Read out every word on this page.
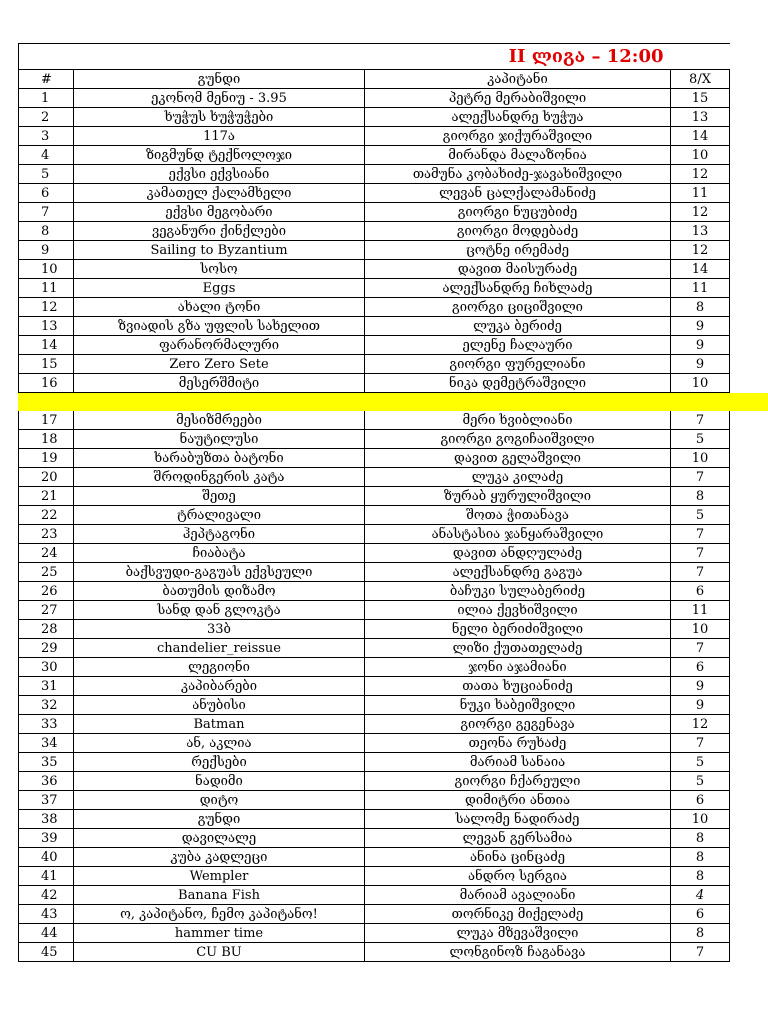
		II ლიგა – 12:00	
#	გუნდი	კაპიტანი	8/X
1	ეკონომ მენიუ - 3.95	პეტრე მერაბიშვილი	15
2	ხუჭუს ხუჭუჭები	ალექსანდრე ხუჭუა	13
3	117ა	გიორგი ჯიქურაშვილი	14
4	ზიგმუნდ ტექნოლოჯი	მირანდა მალაზონია	10
5	ექვსი ექვსიანი	თამუნა კობახიძე-ჯავახიშვილი	12
6	კამათელ ქალამხელი	ლევან ცალქალამანიძე	11
7	ექვსი მეგობარი	გიორგი ნუცუბიძე	12
8	ვეგანური ქინქლები	გიორგი მოდებაძე	13
9	Sailing to Byzantium	ცოტნე ირემაძე	12
10	სოსო	დავით მაისურაძე	14
11	Eggs	ალექსანდრე ჩიხლაძე	11
12	ახალი ტონი	გიორგი ციციშვილი	8
13	ზვიადის გზა უფლის სახელით	ლუკა ბერიძე	9
14	ფარანორმალური	ელენე ჩალაური	9
15	Zero Zero Sete	გიორგი ფურელიანი	9
16	მესერშმიტი	ნიკა დემეტრაშვილი	10

17	მესიზმრეები	მერი ხვიბლიანი	7
18	ნაუტილუსი	გიორგი გოგიჩაიშვილი	5
19	ხარაბუზთა ბატონი	დავით გელაშვილი	10
20	შროდინგერის კატა	ლუკა კილაძე	7
21	შეთე	ზურაბ ყურულიშვილი	8
22	ტრალივალი	შოთა ჭითანავა	5
23	ჰეპტაგონი	ანასტასია ჯანყარაშვილი	7
24	ჩიაბატა	დავით ანდღულაძე	7
25	ბაქსვუდი-გაგუას ექვსეული	ალექსანდრე გაგუა	7
26	ბათუმის დიზამო	ბაჩუკი სულაბერიძე	6
27	სანდ დან გლოკტა	ილია ქევხიშვილი	11
28	33ბ	ნელი ბერიძიშვილი	10
29	chandelier_reissue	ლიზი ქუთათელაძე	7
30	ლეგიონი	ჯონი აჯამიანი	6
31	კაპიბარები	თათა ხუციანიძე	9
32	ანუბისი	ნუკი ხაბეიშვილი	9
33	Batman	გიორგი გეგენავა	12
34	ან, აკლია	თეონა რუხაძე	7
35	რექსები	მარიამ სანაია	5
36	ნადიმი	გიორგი ჩქარეული	5
37	დიტო	დიმიტრი ანთია	6
38	გუნდი	სალომე ნადირაძე	10
39	დავილალე	ლევან გერსამია	8
40	კუბა კადლეცი	ანინა ცინცაძე	8
41	Wempler	ანდრო სერგია	8
42	Banana Fish	მარიამ ავალიანი	4
43	ო, კაპიტანო, ჩემო კაპიტანო!	თორნიკე მიქელაძე	6
44	hammer time	ლუკა მზევაშვილი	8
45	CU BU	ლონგინოზ ჩაგანავა	7
